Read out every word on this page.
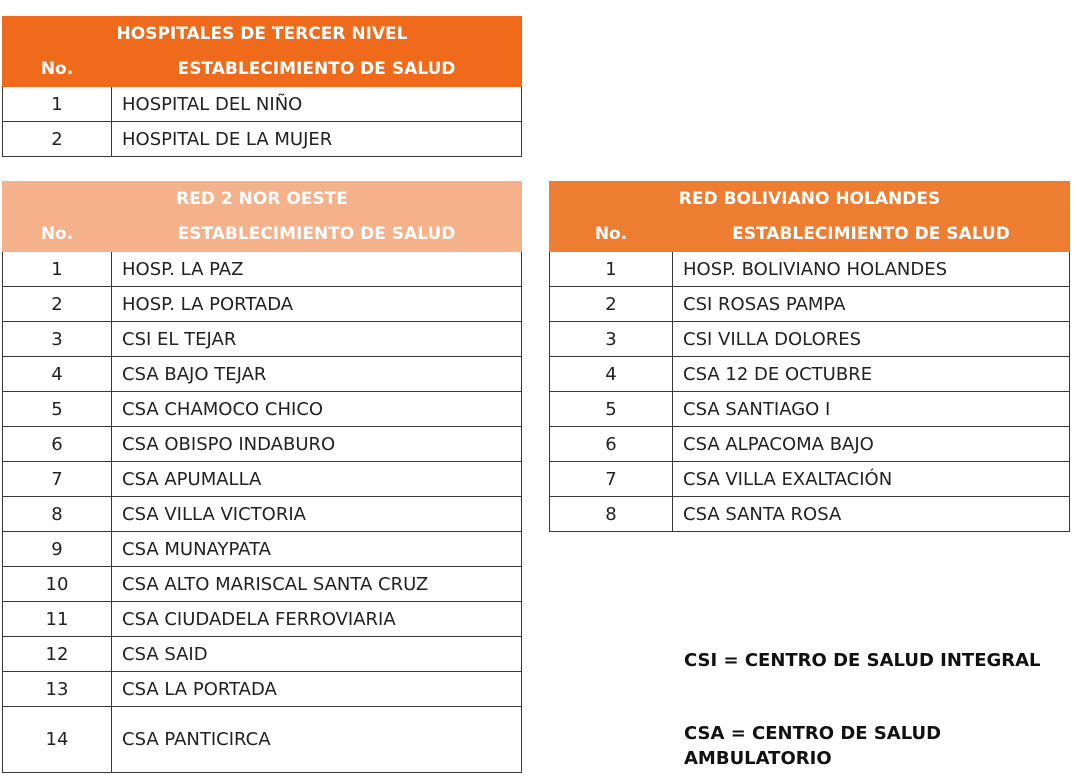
HOSPITALES DE TERCER NIVEL	
No.	ESTABLECIMIENTO DE SALUD
1	HOSPITAL DEL NIÑO
2	HOSPITAL DE LA MUJER
RED 2 NOR OESTE	
No.	ESTABLECIMIENTO DE SALUD
1	HOSP. LA PAZ
2	HOSP. LA PORTADA
3	CSI EL TEJAR
4	CSA BAJO TEJAR
5	CSA CHAMOCO CHICO
6	CSA OBISPO INDABURO
7	CSA APUMALLA
8	CSA VILLA VICTORIA
9	CSA MUNAYPATA
10	CSA ALTO MARISCAL SANTA CRUZ
11	CSA CIUDADELA FERROVIARIA
12	CSA SAID
13	CSA LA PORTADA
14	CSA PANTICIRCA
RED BOLIVIANO HOLANDES	
No.	ESTABLECIMIENTO DE SALUD
1	HOSP. BOLIVIANO HOLANDES
2	CSI ROSAS PAMPA
3	CSI VILLA DOLORES
4	CSA 12 DE OCTUBRE
5	CSA SANTIAGO I
6	CSA ALPACOMA BAJO
7	CSA VILLA EXALTACIÓN
8	CSA SANTA ROSA
CSI = CENTRO DE SALUD INTEGRAL
CSA = CENTRO DE SALUD
AMBULATORIO
